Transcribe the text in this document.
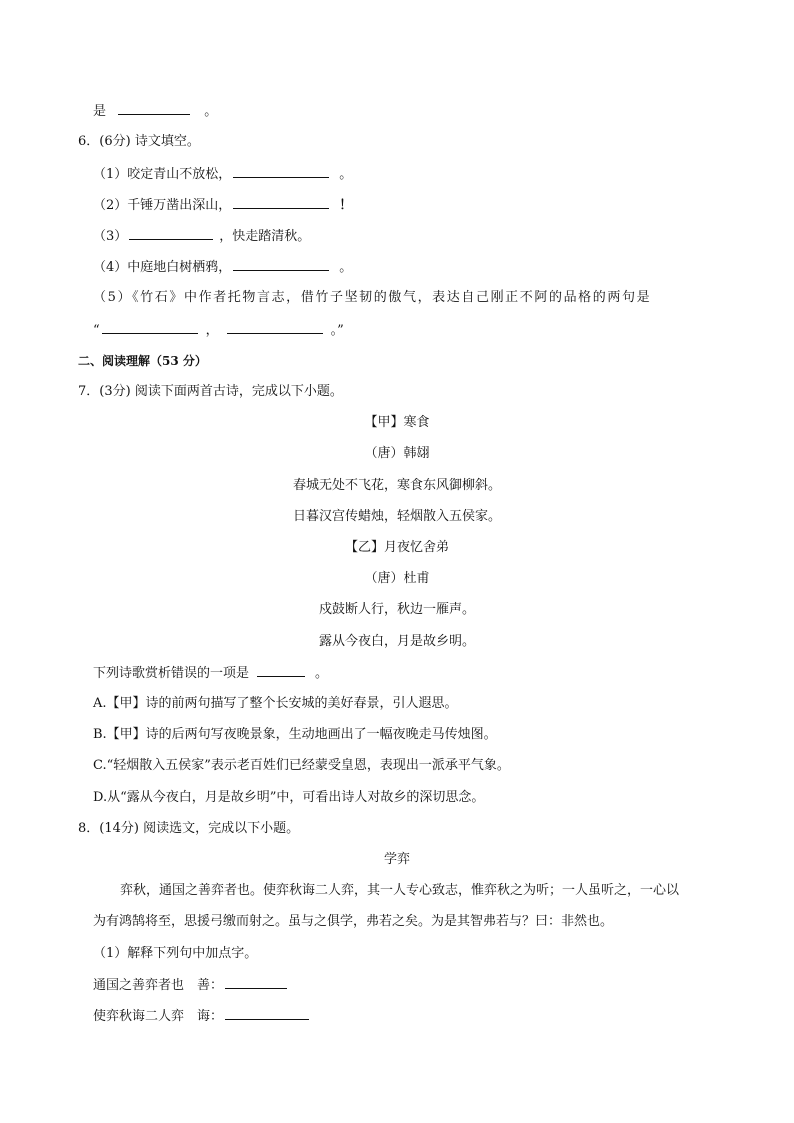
是	。
6．(6分) 诗文填空。
（1）咬定青山不放松，	。
（2）千锤万凿出深山，	！
（3）	，快走踏清秋。
（4）中庭地白树栖鸦，	。
（5）《竹石》中作者托物言志，借竹子坚韧的傲气，表达自己刚正不阿的品格的两句是
“	，	。”
二、阅读理解（53 分）
7．(3分) 阅读下面两首古诗，完成以下小题。
【甲】寒食
（唐）韩翃
春城无处不飞花，寒食东风御柳斜。
日暮汉宫传蜡烛，轻烟散入五侯家。
【乙】月夜忆舍弟
（唐）杜甫
戍鼓断人行，秋边一雁声。
露从今夜白，月是故乡明。
下列诗歌赏析错误的一项是	。
A.【甲】诗的前两句描写了整个长安城的美好春景，引人遐思。
B.【甲】诗的后两句写夜晚景象，生动地画出了一幅夜晚走马传烛图。
C.“轻烟散入五侯家”表示老百姓们已经蒙受皇恩，表现出一派承平气象。
D.从“露从今夜白，月是故乡明”中，可看出诗人对故乡的深切思念。
8．(14分) 阅读选文，完成以下小题。
学弈
弈秋，通国之善弈者也。使弈秋诲二人弈，其一人专心致志，惟弈秋之为听；一人虽听之，一心以
为有鸿鹄将至，思援弓缴而射之。虽与之俱学，弗若之矣。为是其智弗若与？曰：非然也。
（1）解释下列句中加点字。
通国之善弈者也　善：
使弈秋诲二人弈　诲：
